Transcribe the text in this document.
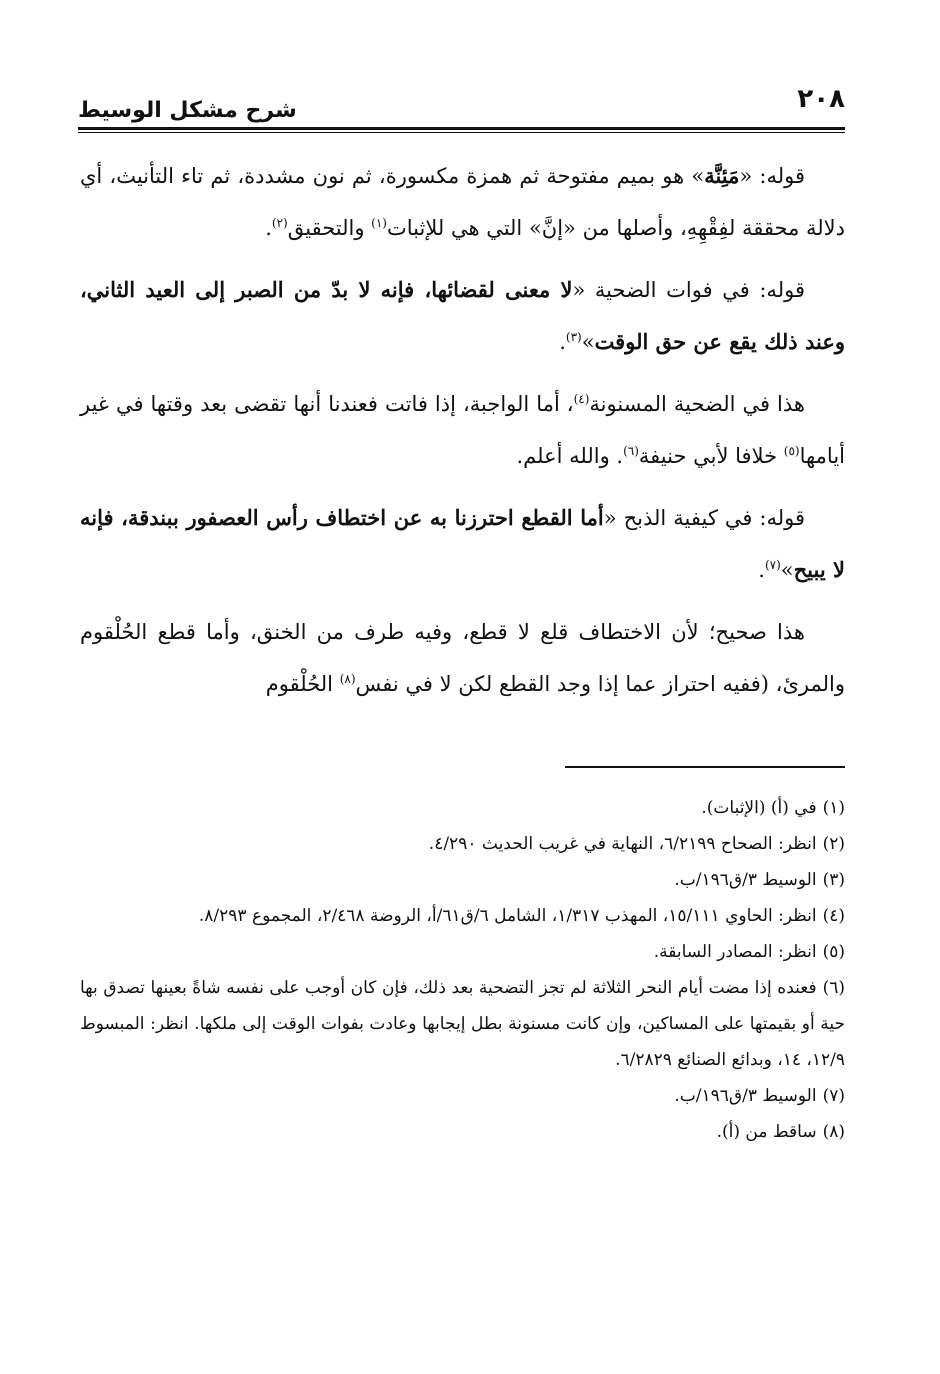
٢٠٨
شرح مشكل الوسيط

قوله: «مَئِنَّة» هو بميم مفتوحة ثم همزة مكسورة، ثم نون مشددة، ثم تاء التأنيث، أي دلالة محققة لفِقْهِهِ، وأصلها من «إنَّ» التي هي للإثبات$^{(١)}$ والتحقيق$^{(٢)}$.

قوله: في فوات الضحية «لا معنى لقضائها، فإنه لا بدّ من الصبر إلى العيد الثاني، وعند ذلك يقع عن حق الوقت»$^{(٣)}$.

هذا في الضحية المسنونة$^{(٤)}$، أما الواجبة، إذا فاتت فعندنا أنها تقضى بعد وقتها في غير أيامها$^{(٥)}$ خلافا لأبي حنيفة$^{(٦)}$. والله أعلم.

قوله: في كيفية الذبح «أما القطع احترزنا به عن اختطاف رأس العصفور ببندقة، فإنه لا يبيح»$^{(٧)}$.

هذا صحيح؛ لأن الاختطاف قلع لا قطع، وفيه طرف من الخنق، وأما قطع الحُلْقوم والمرئ، (ففيه احتراز عما إذا وجد القطع لكن لا في نفس$^{(٨)}$ الحُلْقوم

(١)في (أ) (الإثبات).

(٢)انظر: الصحاح ٦/٢١٩٩، النهاية في غريب الحديث ٤/٢٩٠.

(٣)الوسيط ٣/ق١٩٦/ب.

(٤)انظر: الحاوي ١٥/١١١، المهذب ١/٣١٧، الشامل ٦/ق٦١/أ، الروضة ٢/٤٦٨، المجموع ٨/٢٩٣.

(٥)انظر: المصادر السابقة.

(٦)فعنده إذا مضت أيام النحر الثلاثة لم تجز التضحية بعد ذلك، فإن كان أوجب على نفسه شاةً بعينها تصدق بها حية أو بقيمتها على المساكين، وإن كانت مسنونة بطل إيجابها وعادت بفوات الوقت إلى ملكها. انظر: المبسوط ١٢/٩، ١٤، وبدائع الصنائع ٦/٢٨٢٩.

(٧)الوسيط ٣/ق١٩٦/ب.

(٨)ساقط من (أ).
